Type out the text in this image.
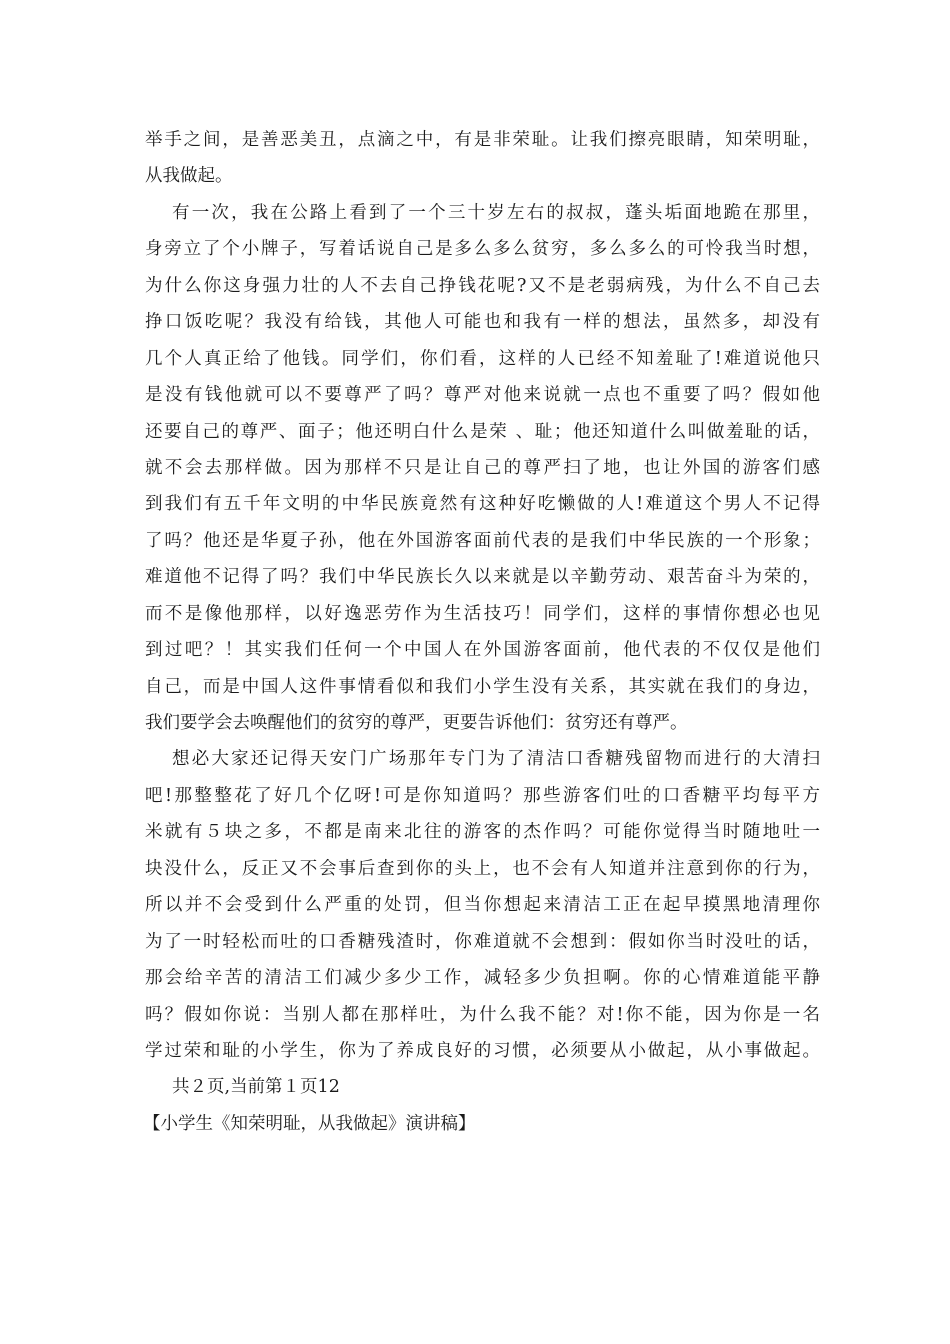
举手之间，是善恶美丑，点滴之中，有是非荣耻。让我们擦亮眼睛，知荣明耻，
从我做起。
有一次，我在公路上看到了一个三十岁左右的叔叔，蓬头垢面地跪在那里，
身旁立了个小牌子，写着话说自己是多么多么贫穷，多么多么的可怜我当时想，
为什么你这身强力壮的人不去自己挣钱花呢?又不是老弱病残，为什么不自己去
挣口饭吃呢？我没有给钱，其他人可能也和我有一样的想法，虽然多，却没有
几个人真正给了他钱。同学们，你们看，这样的人已经不知羞耻了!难道说他只
是没有钱他就可以不要尊严了吗？尊严对他来说就一点也不重要了吗？假如他
还要自己的尊严、面子；他还明白什么是荣 、耻；他还知道什么叫做羞耻的话，
就不会去那样做。因为那样不只是让自己的尊严扫了地，也让外国的游客们感
到我们有五千年文明的中华民族竟然有这种好吃懒做的人!难道这个男人不记得
了吗？他还是华夏子孙，他在外国游客面前代表的是我们中华民族的一个形象；
难道他不记得了吗？我们中华民族长久以来就是以辛勤劳动、艰苦奋斗为荣的，
而不是像他那样，以好逸恶劳作为生活技巧！同学们，这样的事情你想必也见
到过吧？！其实我们任何一个中国人在外国游客面前，他代表的不仅仅是他们
自己，而是中国人这件事情看似和我们小学生没有关系，其实就在我们的身边，
我们要学会去唤醒他们的贫穷的尊严，更要告诉他们：贫穷还有尊严。
想必大家还记得天安门广场那年专门为了清洁口香糖残留物而进行的大清扫
吧!那整整花了好几个亿呀!可是你知道吗？那些游客们吐的口香糖平均每平方
米就有５块之多，不都是南来北往的游客的杰作吗？可能你觉得当时随地吐一
块没什么，反正又不会事后查到你的头上，也不会有人知道并注意到你的行为，
所以并不会受到什么严重的处罚，但当你想起来清洁工正在起早摸黑地清理你
为了一时轻松而吐的口香糖残渣时，你难道就不会想到：假如你当时没吐的话，
那会给辛苦的清洁工们减少多少工作，减轻多少负担啊。你的心情难道能平静
吗？假如你说：当别人都在那样吐，为什么我不能？对!你不能，因为你是一名
学过荣和耻的小学生，你为了养成良好的习惯，必须要从小做起，从小事做起。
共２页,当前第１页12
【小学生《知荣明耻，从我做起》演讲稿】
